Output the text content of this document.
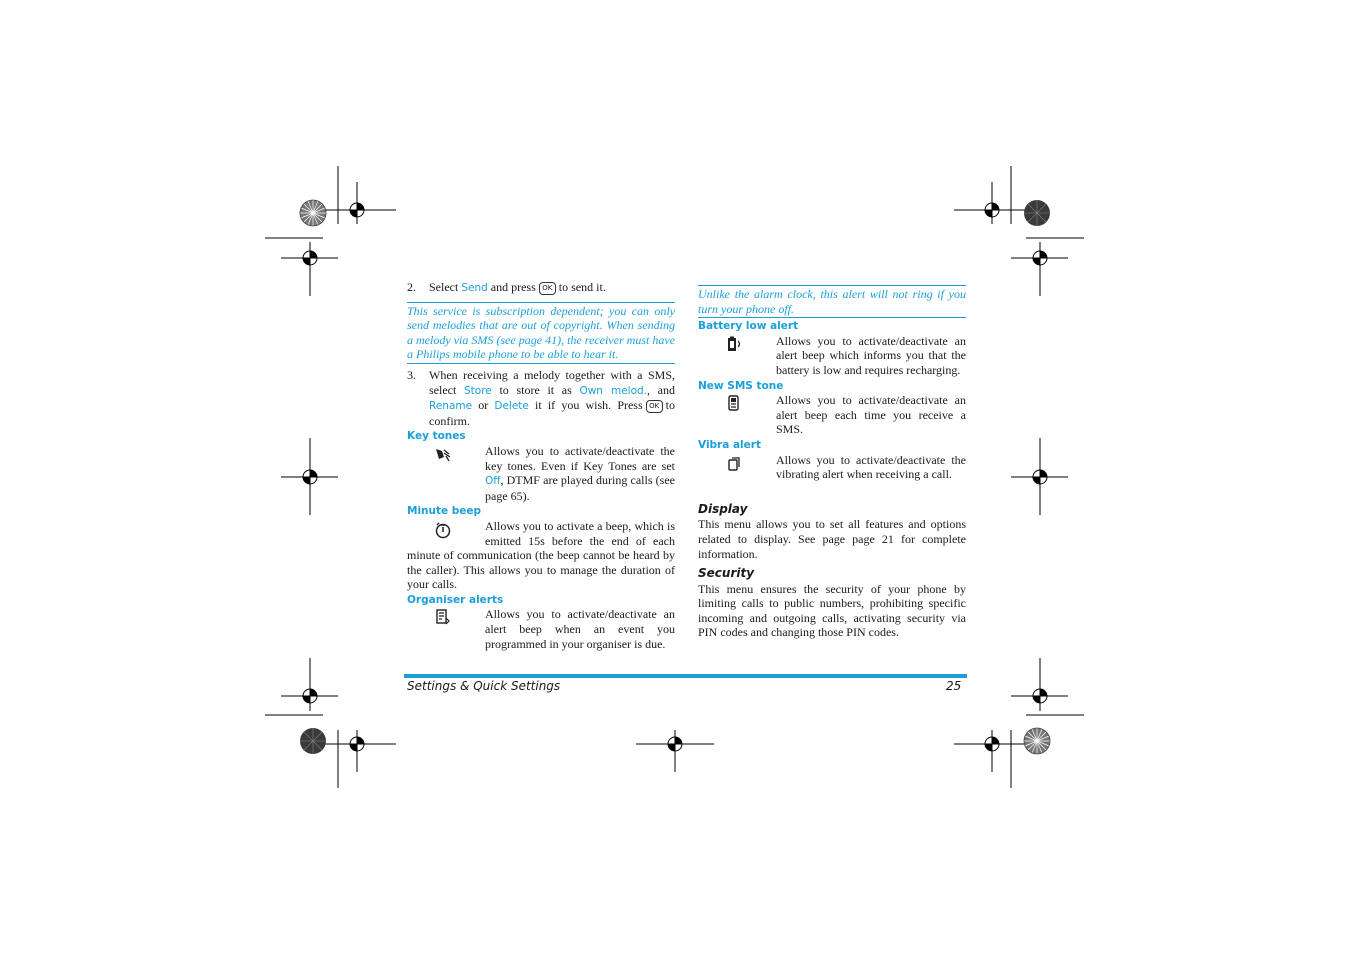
2. Select Send and press OK to send it.
This service is subscription dependent; you can only send melodies that are out of copyright. When sending a melody via SMS (see page 41), the receiver must have a Philips mobile phone to be able to hear it.
3. When receiving a melody together with a SMS, select Store to store it as Own melod., and Rename or Delete it if you wish. Press OK to confirm.
Key tones
Allows you to activate/deactivate the key tones. Even if Key Tones are set Off, DTMF are played during calls (see page 65).
Minute beep
Allows you to activate a beep, which is emitted 15s before the end of each minute of communication (the beep cannot be heard by the caller). This allows you to manage the duration of your calls.
Organiser alerts
Allows you to activate/deactivate an alert beep when an event you programmed in your organiser is due.
Unlike the alarm clock, this alert will not ring if you turn your phone off.
Battery low alert
Allows you to activate/deactivate an alert beep which informs you that the battery is low and requires recharging.
New SMS tone
Allows you to activate/deactivate an alert beep each time you receive a SMS.
Vibra alert
Allows you to activate/deactivate the vibrating alert when receiving a call.
Display
This menu allows you to set all features and options related to display. See page page 21 for complete information.
Security
This menu ensures the security of your phone by limiting calls to public numbers, prohibiting specific incoming and outgoing calls, activating security via PIN codes and changing those PIN codes.
Settings & Quick Settings	25
